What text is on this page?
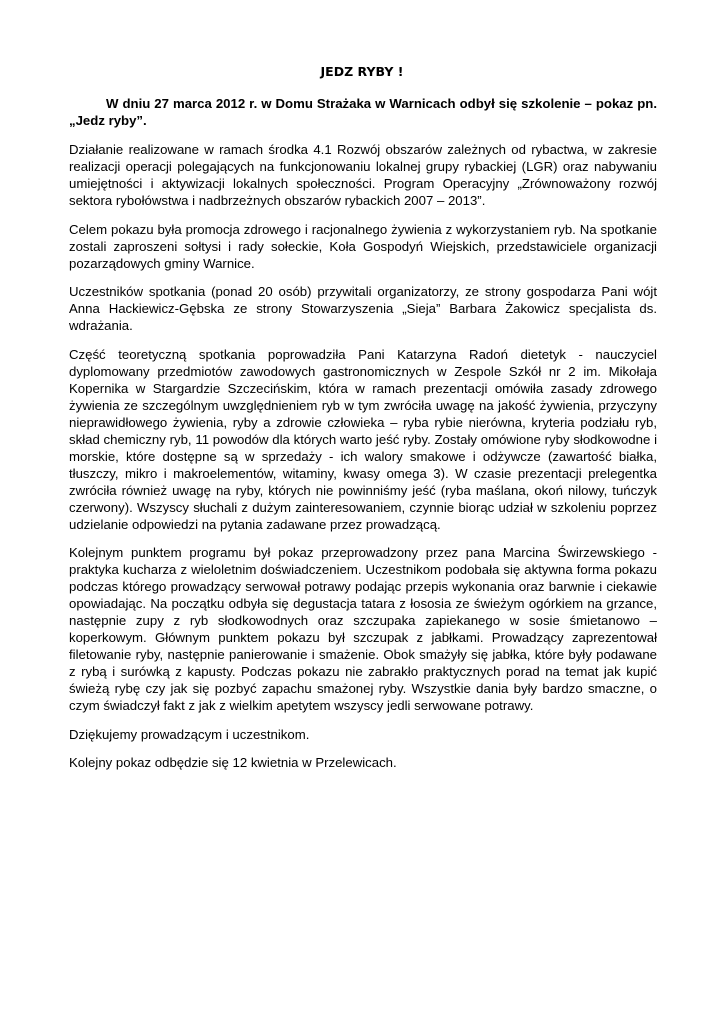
JEDZ RYBY !

W dniu 27 marca 2012 r. w Domu Strażaka w Warnicach odbył się szkolenie – pokaz pn. „Jedz ryby”.

Działanie realizowane w ramach środka 4.1 Rozwój obszarów zależnych od rybactwa, w zakresie realizacji operacji polegających na funkcjonowaniu lokalnej grupy rybackiej (LGR) oraz nabywaniu umiejętności i aktywizacji lokalnych społeczności. Program Operacyjny „Zrównoważony rozwój sektora rybołówstwa i nadbrzeżnych obszarów rybackich 2007 – 2013”.

Celem pokazu była promocja zdrowego i racjonalnego żywienia z wykorzystaniem ryb. Na spotkanie zostali zaproszeni sołtysi i rady sołeckie, Koła Gospodyń Wiejskich, przedstawiciele organizacji pozarządowych gminy Warnice.

Uczestników spotkania (ponad 20 osób) przywitali organizatorzy, ze strony gospodarza Pani wójt Anna Hackiewicz-Gębska ze strony Stowarzyszenia „Sieja” Barbara Żakowicz specjalista ds. wdrażania.

Część teoretyczną spotkania poprowadziła Pani Katarzyna Radoń dietetyk - nauczyciel dyplomowany przedmiotów zawodowych gastronomicznych w Zespole Szkół nr 2 im. Mikołaja Kopernika w Stargardzie Szczecińskim, która w ramach prezentacji omówiła zasady zdrowego żywienia ze szczególnym uwzględnieniem ryb w tym zwróciła uwagę na jakość żywienia, przyczyny nieprawidłowego żywienia, ryby a zdrowie człowieka – ryba rybie nierówna, kryteria podziału ryb, skład chemiczny ryb, 11 powodów dla których warto jeść ryby. Zostały omówione ryby słodkowodne i morskie, które dostępne są w sprzedaży - ich walory smakowe i odżywcze (zawartość białka, tłuszczy, mikro i makroelementów, witaminy, kwasy omega 3). W czasie prezentacji prelegentka zwróciła również uwagę na ryby, których nie powinniśmy jeść (ryba maślana, okoń nilowy, tuńczyk czerwony). Wszyscy słuchali z dużym zainteresowaniem, czynnie biorąc udział w szkoleniu poprzez udzielanie odpowiedzi na pytania zadawane przez prowadzącą.

Kolejnym punktem programu był pokaz przeprowadzony przez pana Marcina Świrzewskiego - praktyka kucharza z wieloletnim doświadczeniem. Uczestnikom podobała się aktywna forma pokazu podczas którego prowadzący serwował potrawy podając przepis wykonania oraz barwnie i ciekawie opowiadając. Na początku odbyła się degustacja tatara z łososia ze świeżym ogórkiem na grzance, następnie zupy z ryb słodkowodnych oraz szczupaka zapiekanego w sosie śmietanowo – koperkowym. Głównym punktem pokazu był szczupak z jabłkami. Prowadzący zaprezentował filetowanie ryby, następnie panierowanie i smażenie. Obok smażyły się jabłka, które były podawane z rybą i surówką z kapusty. Podczas pokazu nie zabrakło praktycznych porad na temat jak kupić świeżą rybę czy jak się pozbyć zapachu smażonej ryby. Wszystkie dania były bardzo smaczne, o czym świadczył fakt z jak z wielkim apetytem wszyscy jedli serwowane potrawy.

Dziękujemy prowadzącym i uczestnikom.

Kolejny pokaz odbędzie się 12 kwietnia w Przelewicach.
